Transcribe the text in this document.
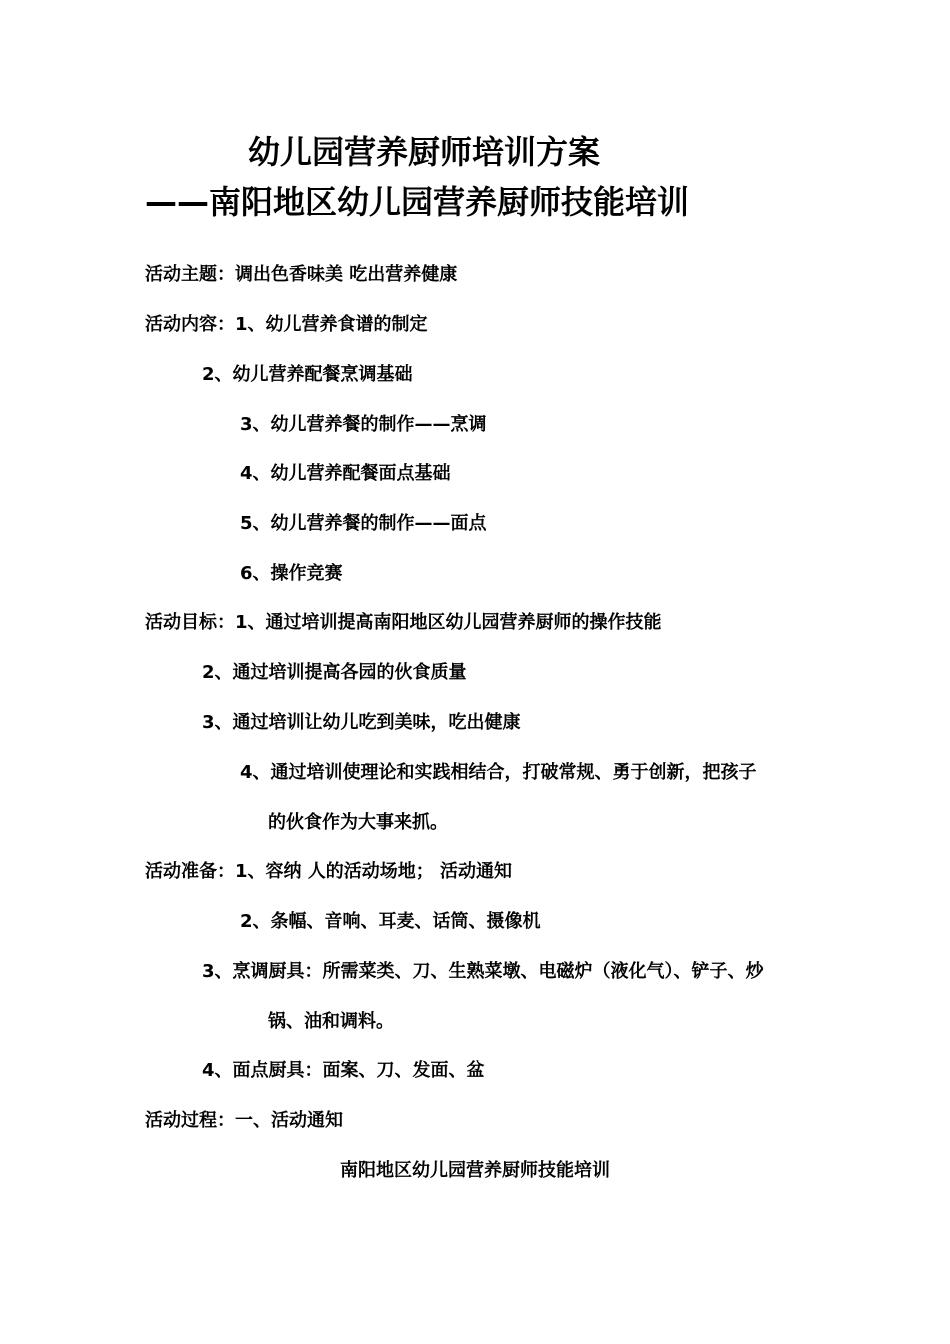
幼儿园营养厨师培训方案
——南阳地区幼儿园营养厨师技能培训
活动主题：调出色香味美 吃出营养健康
活动内容：1、幼儿营养食谱的制定
2、幼儿营养配餐烹调基础
3、幼儿营养餐的制作——烹调
4、幼儿营养配餐面点基础
5、幼儿营养餐的制作——面点
6、操作竞赛
活动目标：1、通过培训提高南阳地区幼儿园营养厨师的操作技能
2、通过培训提高各园的伙食质量
3、通过培训让幼儿吃到美味，吃出健康
4、通过培训使理论和实践相结合，打破常规、勇于创新，把孩子
的伙食作为大事来抓。
活动准备：1、容纳 人的活动场地； 活动通知
2、条幅、音响、耳麦、话筒、摄像机
3、烹调厨具：所需菜类、刀、生熟菜墩、电磁炉（液化气）、铲子、炒
锅、油和调料。
4、面点厨具：面案、刀、发面、盆
活动过程：一、活动通知
南阳地区幼儿园营养厨师技能培训
